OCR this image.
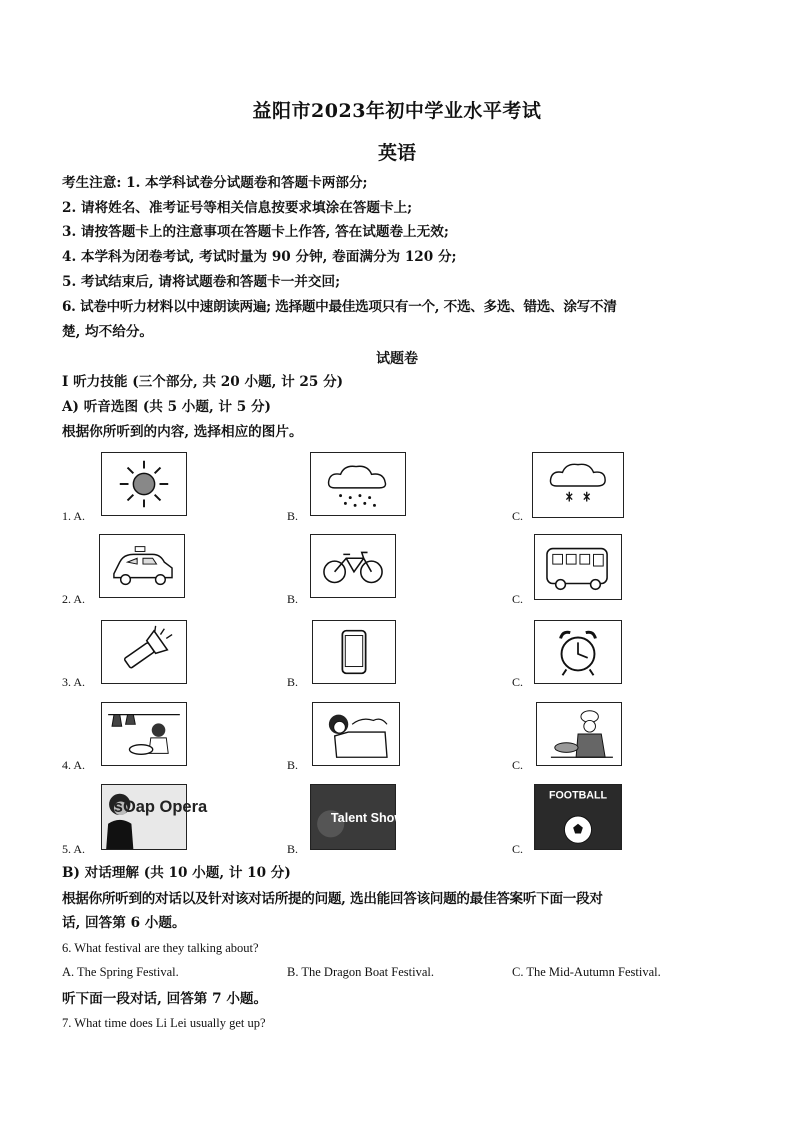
益阳市2023年初中学业水平考试
英语
考生注意: 1. 本学科试卷分试题卷和答题卡两部分;
2. 请将姓名、准考证号等相关信息按要求填涂在答题卡上;
3. 请按答题卡上的注意事项在答题卡上作答, 答在试题卷上无效;
4. 本学科为闭卷考试, 考试时量为 90 分钟, 卷面满分为 120 分;
5. 考试结束后, 请将试题卷和答题卡一并交回;
6. 试卷中听力材料以中速朗读两遍; 选择题中最佳选项只有一个, 不选、多选、错选、涂写不清
楚, 均不给分。
试题卷
I 听力技能 (三个部分, 共 20 小题, 计 25 分)
A) 听音选图 (共 5 小题, 计 5 分)
根据你所听到的内容, 选择相应的图片。
1. A.	B.	C.
2. A.	B.	C.
3. A.	B.	C.
4. A.	B.	C.
5. A.	B.	C.
sOap Opera
Talent Show
FOOTBALL
B) 对话理解 (共 10 小题, 计 10 分)
根据你所听到的对话以及针对该对话所提的问题, 选出能回答该问题的最佳答案听下面一段对
话, 回答第 6 小题。
6. What festival are they talking about?
A. The Spring Festival.	B. The Dragon Boat Festival.	C. The Mid-Autumn Festival.
听下面一段对话, 回答第 7 小题。
7. What time does Li Lei usually get up?
